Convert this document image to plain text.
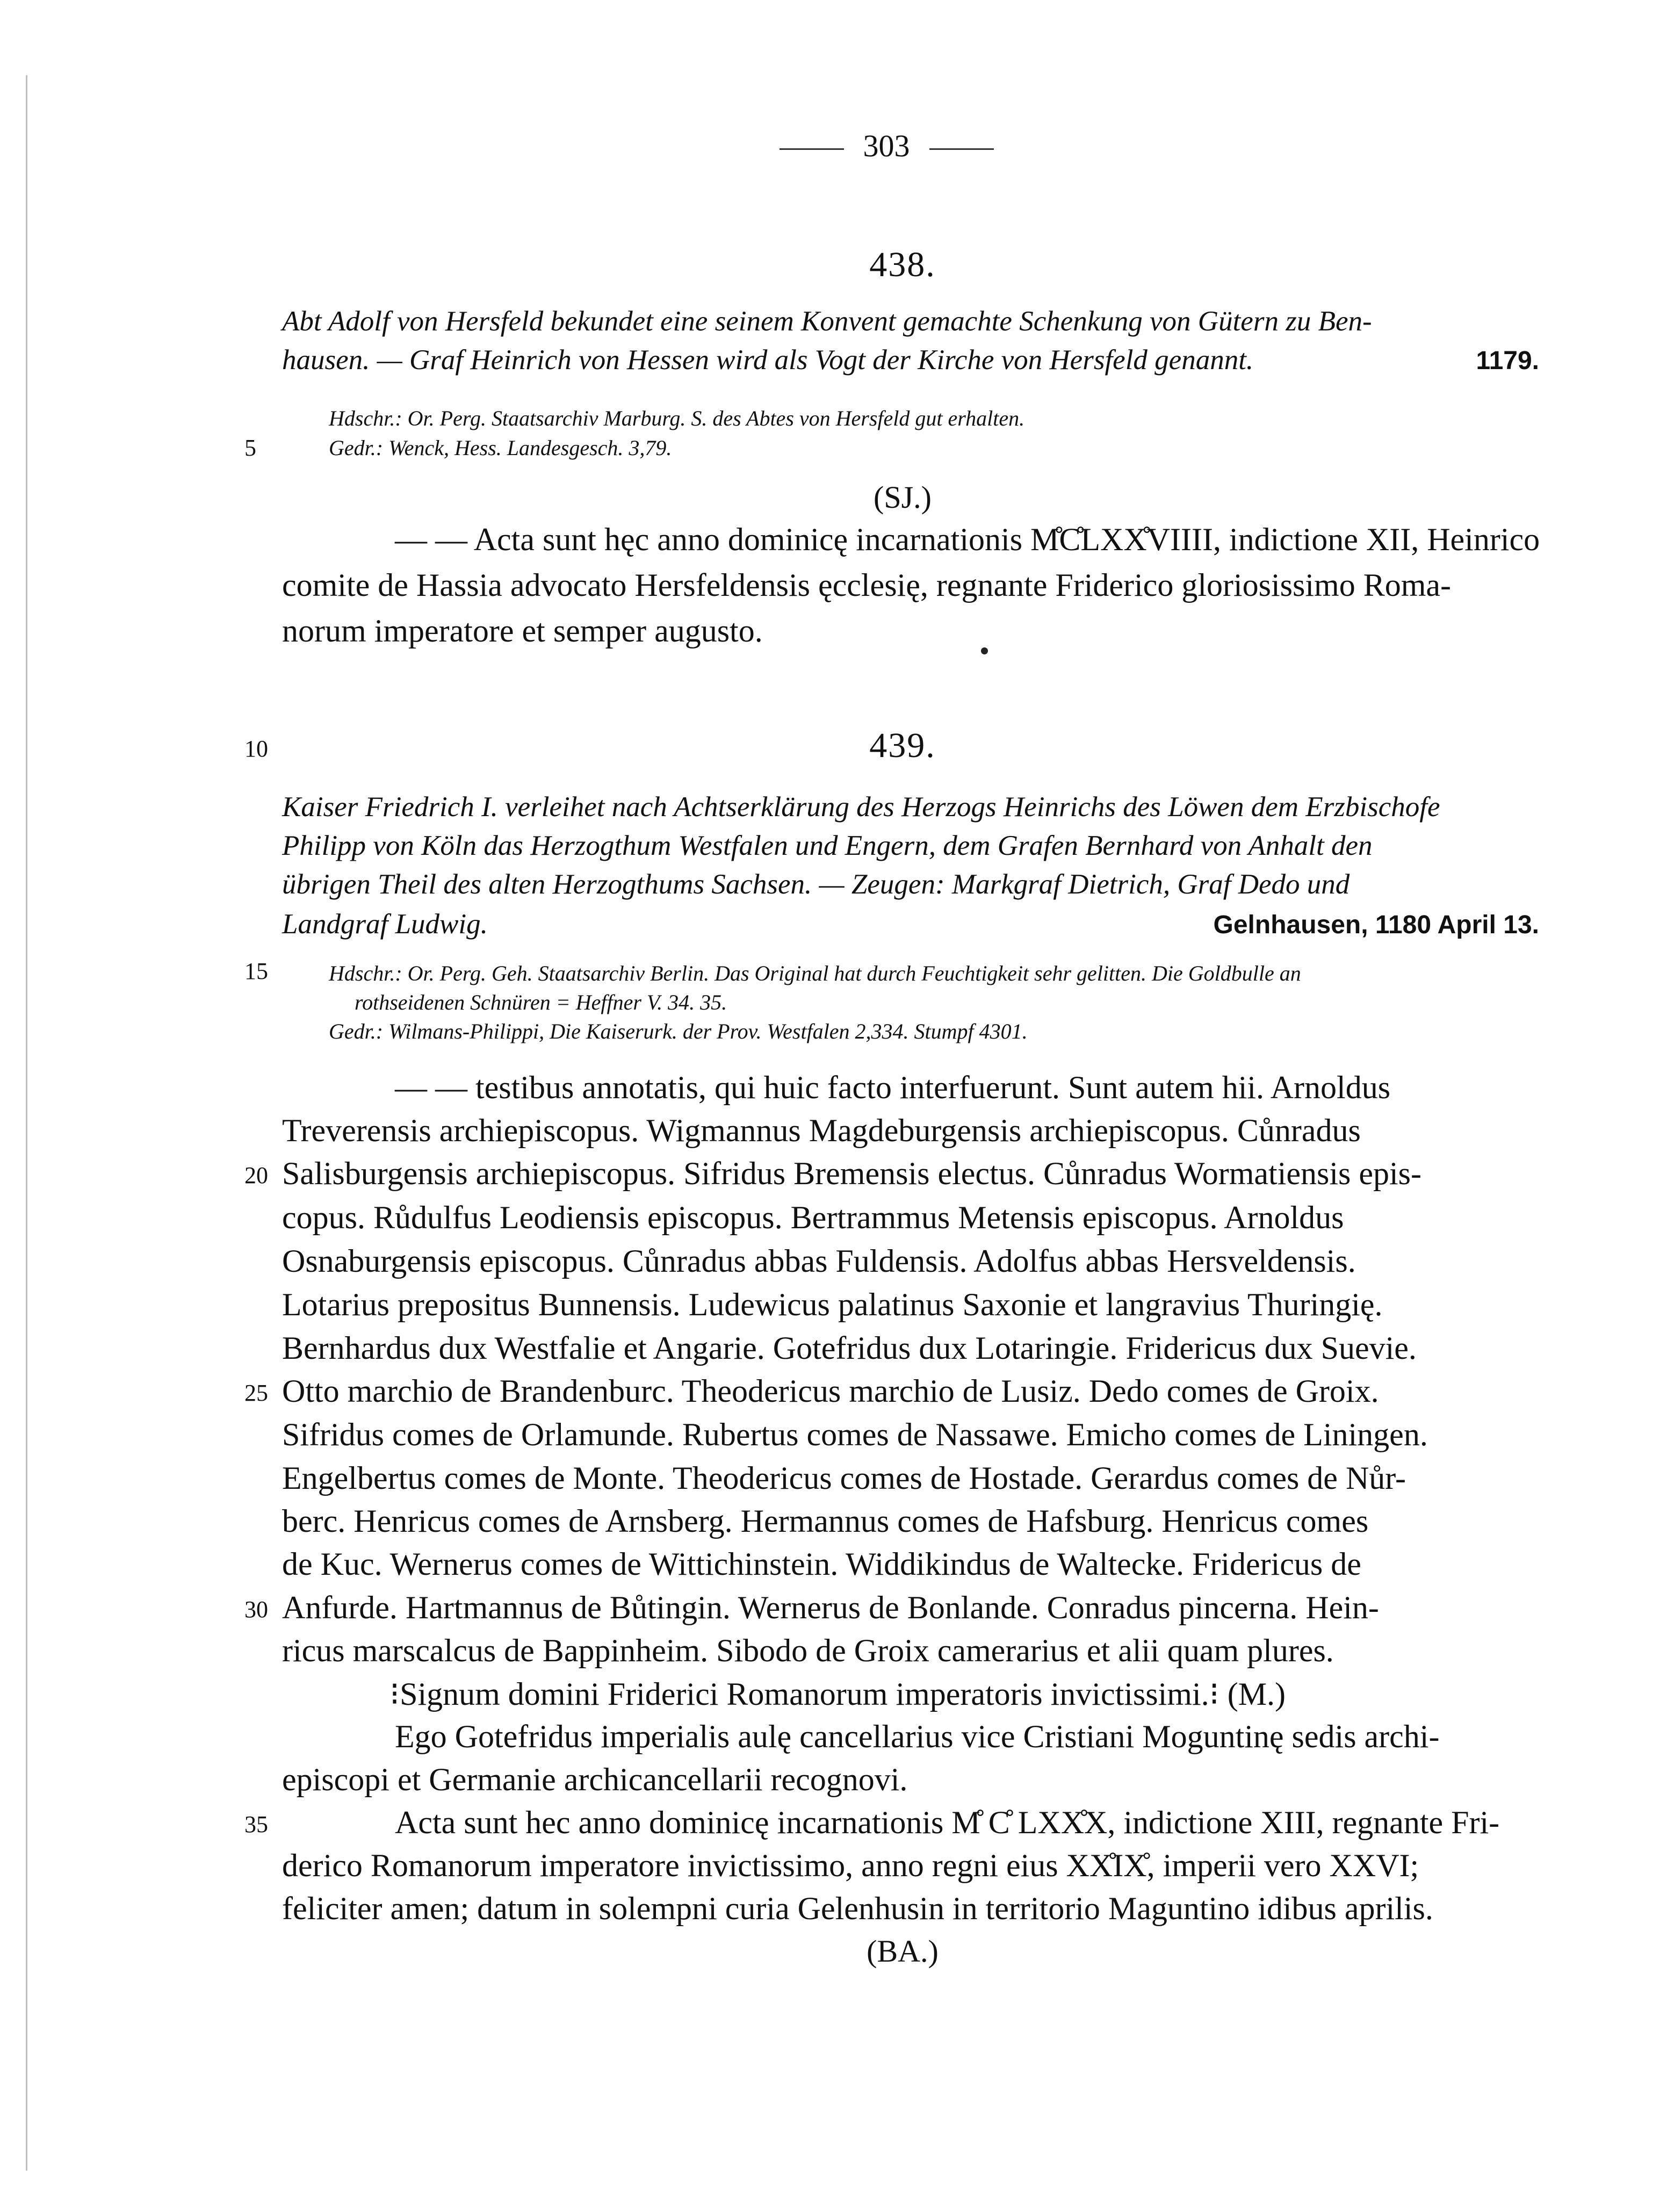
303
438.
Abt Adolf von Hersfeld bekundet eine seinem Konvent gemachte Schenkung von Gütern zu Ben-
hausen. — Graf Heinrich von Hessen wird als Vogt der Kirche von Hersfeld genannt.	1179.
Hdschr.: Or. Perg. Staatsarchiv Marburg. S. des Abtes von Hersfeld gut erhalten.
5	Gedr.: Wenck, Hess. Landesgesch. 3,79.
(SJ.)
— — Acta sunt hęc anno dominicę incarnationis M̊C̊LXX̊VIIII, indictione XII, Heinrico
comite de Hassia advocato Hersfeldensis ęcclesię, regnante Friderico gloriosissimo Roma-
norum imperatore et semper augusto.
10	439.
Kaiser Friedrich I. verleihet nach Achtserklärung des Herzogs Heinrichs des Löwen dem Erzbischofe
Philipp von Köln das Herzogthum Westfalen und Engern, dem Grafen Bernhard von Anhalt den
übrigen Theil des alten Herzogthums Sachsen. — Zeugen: Markgraf Dietrich, Graf Dedo und
Landgraf Ludwig.	Gelnhausen, 1180 April 13.
15	Hdschr.: Or. Perg. Geh. Staatsarchiv Berlin. Das Original hat durch Feuchtigkeit sehr gelitten. Die Goldbulle an
rothseidenen Schnüren = Heffner V. 34. 35.
Gedr.: Wilmans-Philippi, Die Kaiserurk. der Prov. Westfalen 2,334. Stumpf 4301.
— — testibus annotatis, qui huic facto interfuerunt. Sunt autem hii. Arnoldus
Treverensis archiepiscopus. Wigmannus Magdeburgensis archiepiscopus. Cůnradus
20 Salisburgensis archiepiscopus. Sifridus Bremensis electus. Cůnradus Wormatiensis epis-
copus. Růdulfus Leodiensis episcopus. Bertrammus Metensis episcopus. Arnoldus
Osnaburgensis episcopus. Cůnradus abbas Fuldensis. Adolfus abbas Hersveldensis.
Lotarius prepositus Bunnensis. Ludewicus palatinus Saxonie et langravius Thuringię.
Bernhardus dux Westfalie et Angarie. Gotefridus dux Lotaringie. Fridericus dux Suevie.
25 Otto marchio de Brandenburc. Theodericus marchio de Lusiz. Dedo comes de Groix.
Sifridus comes de Orlamunde. Rubertus comes de Nassawe. Emicho comes de Liningen.
Engelbertus comes de Monte. Theodericus comes de Hostade. Gerardus comes de Nůr-
berc. Henricus comes de Arnsberg. Hermannus comes de Hafsburg. Henricus comes
de Kuc. Wernerus comes de Wittichinstein. Widdikindus de Waltecke. Fridericus de
30 Anfurde. Hartmannus de Bůtingin. Wernerus de Bonlande. Conradus pincerna. Hein-
ricus marscalcus de Bappinheim. Sibodo de Groix camerarius et alii quam plures.
⁝Signum domini Friderici Romanorum imperatoris invictissimi.⁝ (M.)
Ego Gotefridus imperialis aulę cancellarius vice Cristiani Moguntinę sedis archi-
episcopi et Germanie archicancellarii recognovi.
35	Acta sunt hec anno dominicę incarnationis M̊ C̊ LXX̊X, indictione XIII, regnante Fri-
derico Romanorum imperatore invictissimo, anno regni eius XX̊IX̊, imperii vero XXVI;
feliciter amen; datum in solempni curia Gelenhusin in territorio Maguntino idibus aprilis.
(BA.)
